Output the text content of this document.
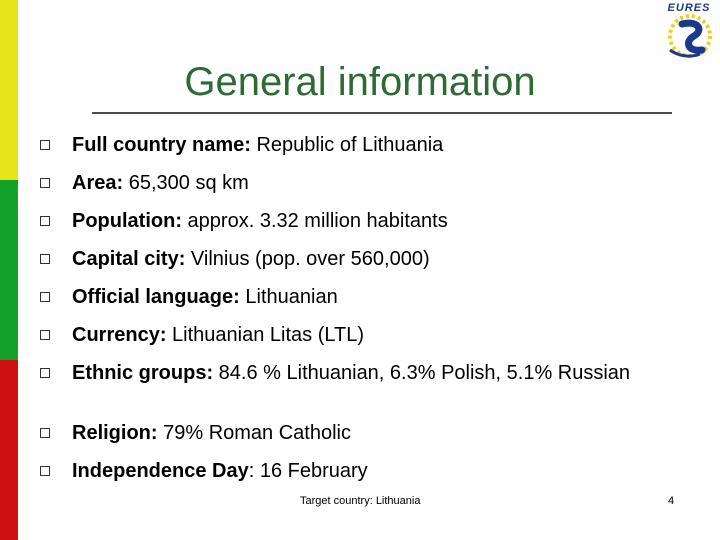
EURES
General information
Full country name: Republic of Lithuania
Area: 65,300 sq km
Population: approx. 3.32 million habitants
Capital city: Vilnius (pop. over 560,000)
Official language: Lithuanian
Currency: Lithuanian Litas (LTL)
Ethnic groups: 84.6 % Lithuanian, 6.3% Polish, 5.1% Russian
Religion: 79% Roman Catholic
Independence Day: 16 February
Target country: Lithuania	4
